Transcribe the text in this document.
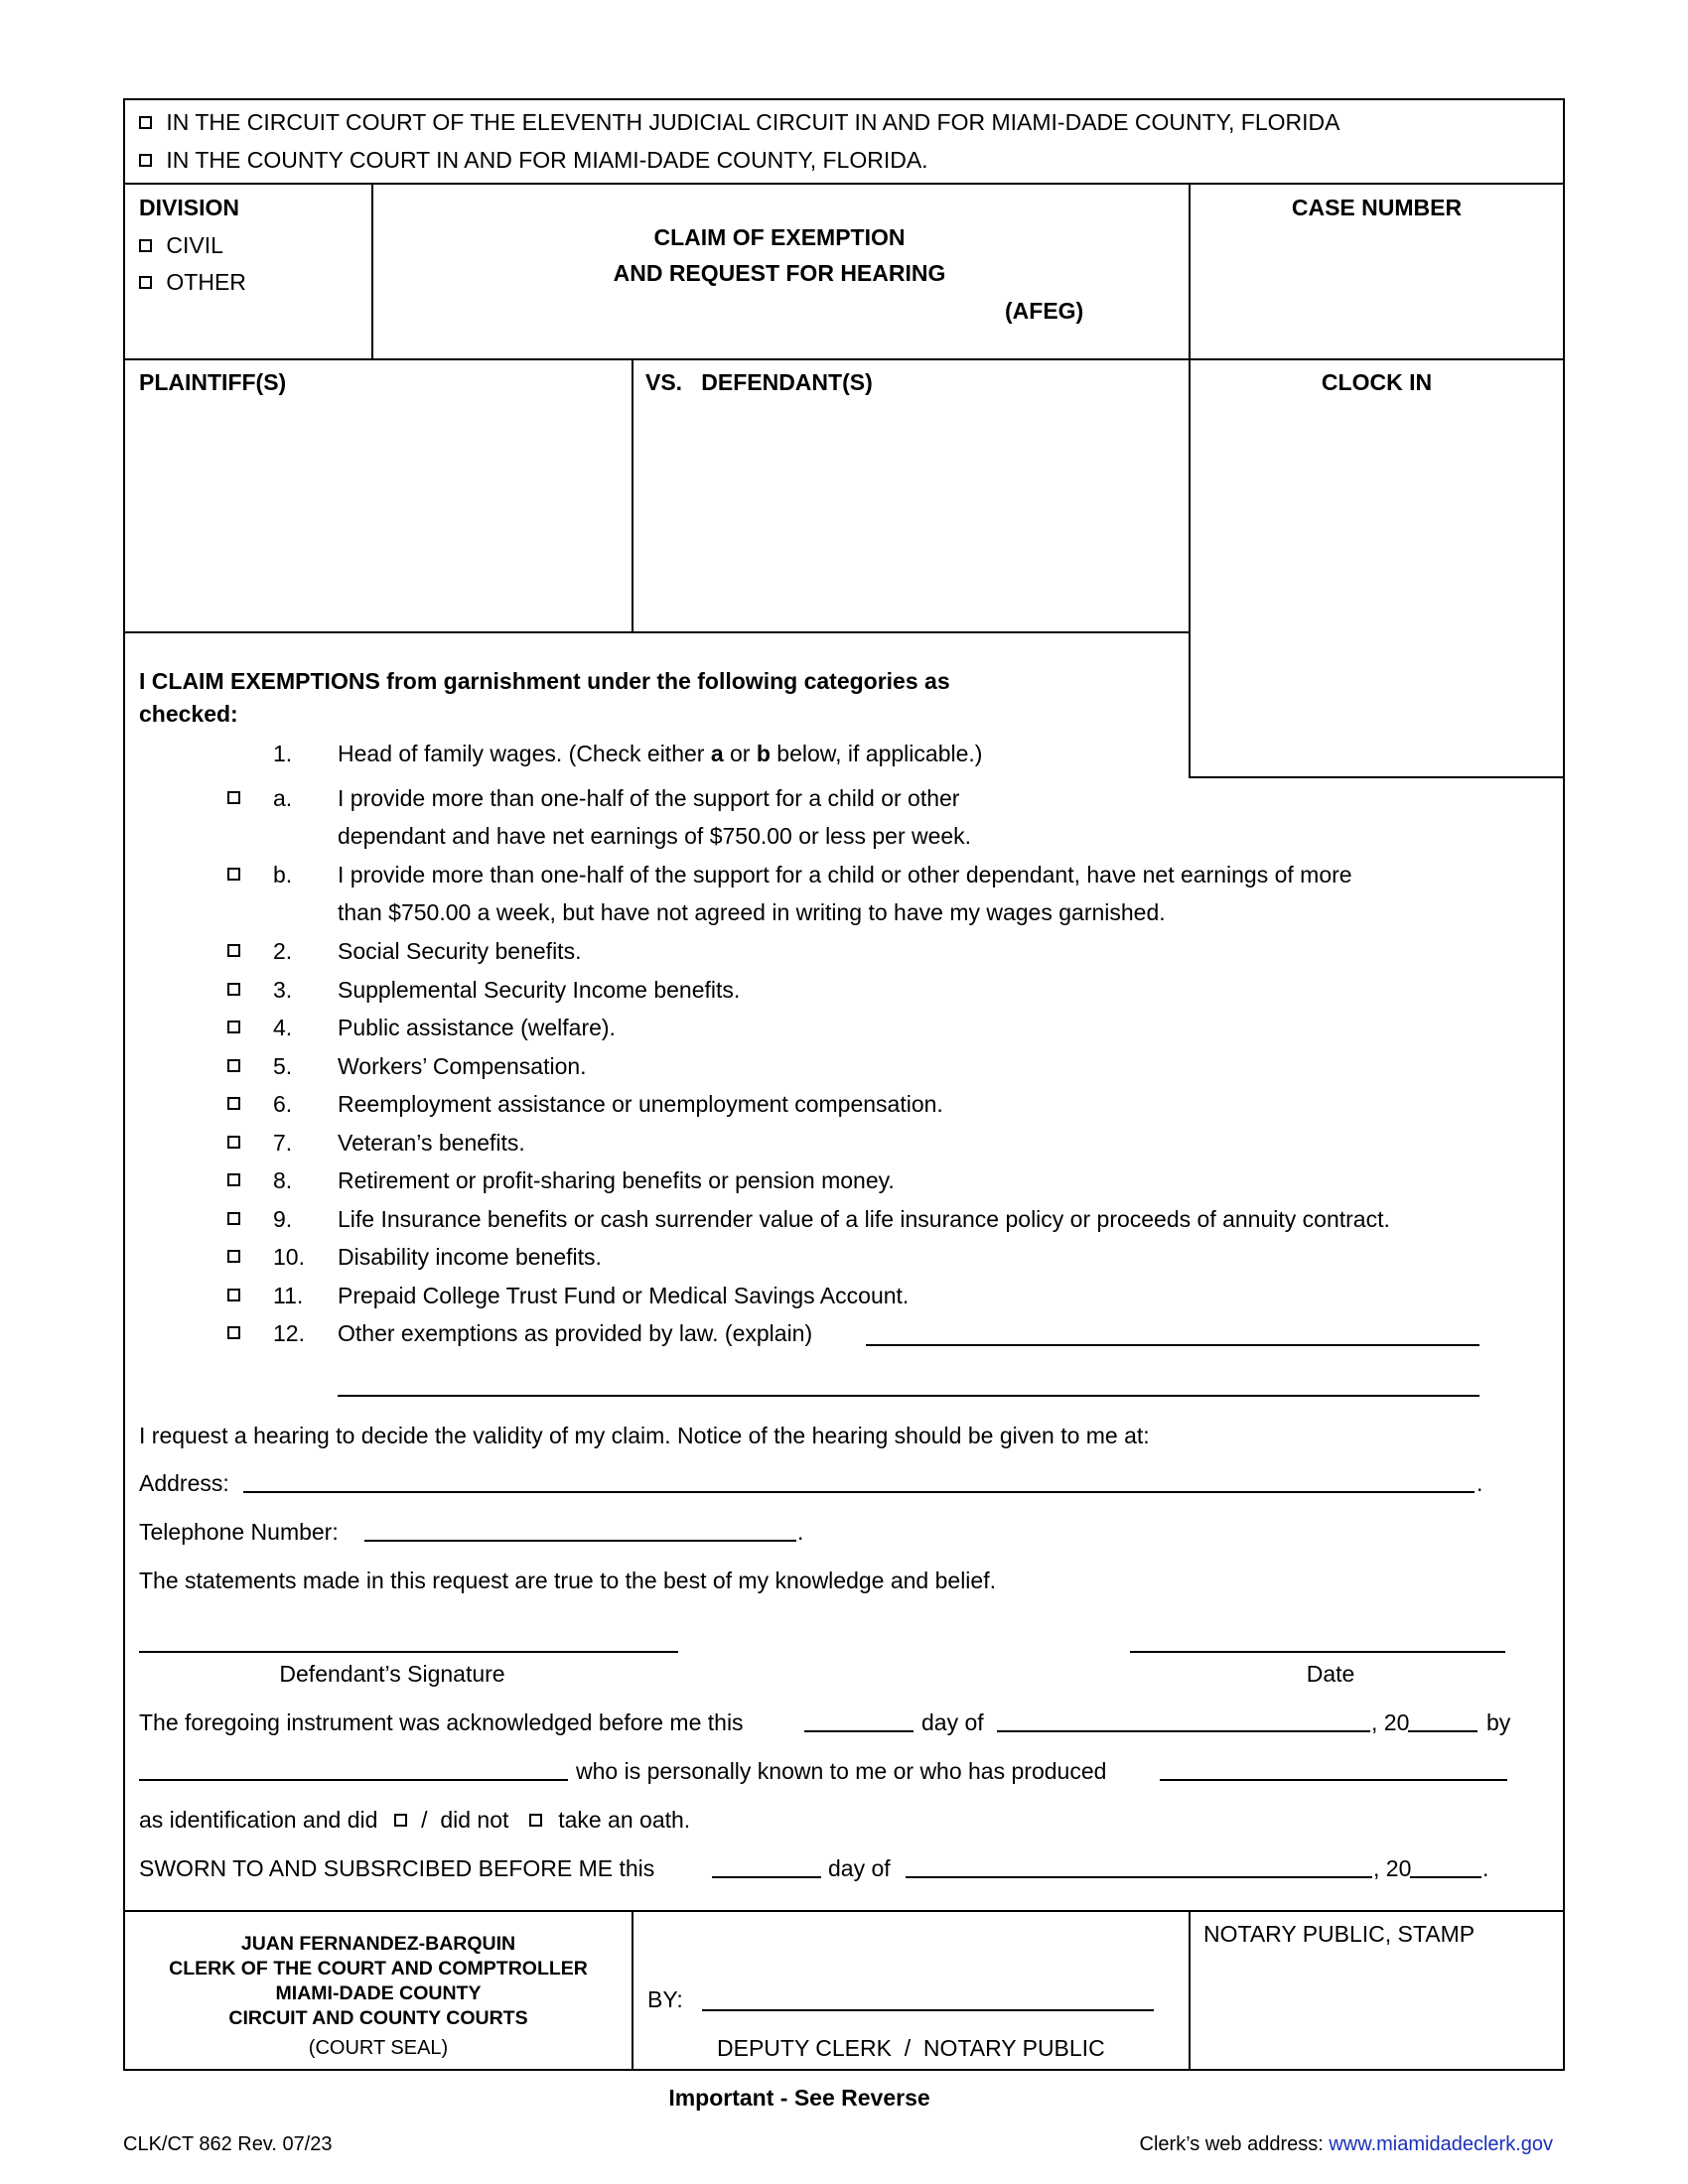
IN THE CIRCUIT COURT OF THE ELEVENTH JUDICIAL CIRCUIT IN AND FOR MIAMI-DADE COUNTY, FLORIDA
IN THE COUNTY COURT IN AND FOR MIAMI-DADE COUNTY, FLORIDA.
DIVISION
CIVIL
OTHER
CLAIM OF EXEMPTION
AND REQUEST FOR HEARING
(AFEG)
CASE NUMBER
PLAINTIFF(S)	VS.   DEFENDANT(S)	CLOCK IN
I CLAIM EXEMPTIONS from garnishment under the following categories as
checked:
1. Head of family wages. (Check either a or b below, if applicable.)
a. I provide more than one-half of the support for a child or other
dependant and have net earnings of $750.00 or less per week.
b. I provide more than one-half of the support for a child or other dependant, have net earnings of more
than $750.00 a week, but have not agreed in writing to have my wages garnished.
2. Social Security benefits.
3. Supplemental Security Income benefits.
4. Public assistance (welfare).
5. Workers’ Compensation.
6. Reemployment assistance or unemployment compensation.
7. Veteran’s benefits.
8. Retirement or profit-sharing benefits or pension money.
9. Life Insurance benefits or cash surrender value of a life insurance policy or proceeds of annuity contract.
10. Disability income benefits.
11. Prepaid College Trust Fund or Medical Savings Account.
12. Other exemptions as provided by law. (explain)
I request a hearing to decide the validity of my claim. Notice of the hearing should be given to me at:
Address:	.
Telephone Number:	.
The statements made in this request are true to the best of my knowledge and belief.
Defendant’s Signature	Date
The foregoing instrument was acknowledged before me this	day of	, 20	by
who is personally known to me or who has produced
as identification and did /  did not take an oath.
SWORN TO AND SUBSRCIBED BEFORE ME this	day of	, 20	.
JUAN FERNANDEZ-BARQUIN
CLERK OF THE COURT AND COMPTROLLER
MIAMI-DADE COUNTY
CIRCUIT AND COUNTY COURTS
(COURT SEAL)
BY:
DEPUTY CLERK  /  NOTARY PUBLIC
NOTARY PUBLIC, STAMP
Important - See Reverse
CLK/CT 862 Rev. 07/23	Clerk’s web address: www.miamidadeclerk.gov
